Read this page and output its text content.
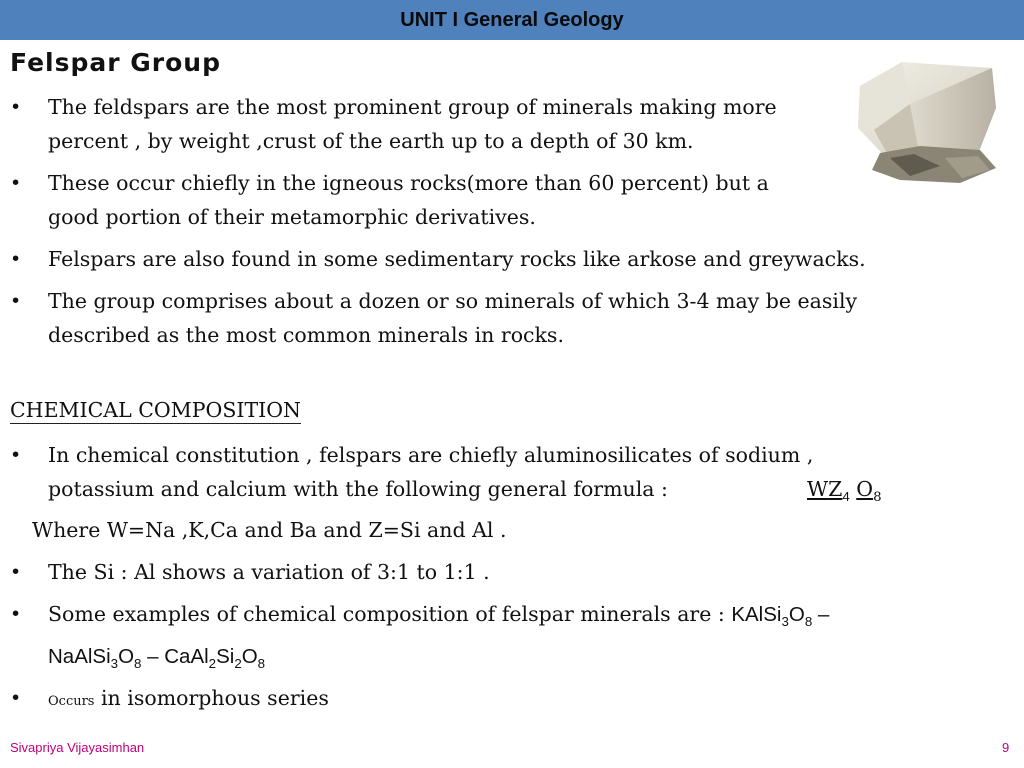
UNIT I General Geology
Felspar Group
• The feldspars are the most prominent group of minerals making more
percent , by weight ,crust of the earth up to a depth of 30 km.
• These occur chiefly in the igneous rocks(more than 60 percent) but a
good portion of their metamorphic derivatives.
• Felspars are also found in some sedimentary rocks like arkose and greywacks.
• The group comprises about a dozen or so minerals of which 3-4 may be easily
described as the most common minerals in rocks.
CHEMICAL COMPOSITION
• In chemical constitution , felspars are chiefly aluminosilicates of sodium ,
potassium and calcium with the following general formula :	$WZ_4$ $O_8$
Where W=Na ,K,Ca and Ba and Z=Si and Al .
• The Si : Al shows a variation of 3:1 to 1:1 .
• Some examples of chemical composition of felspar minerals are : $KAlSi_3O_8$ –
$NaAlSi_3O_8$ – $CaAl_2Si_2O_8$
• Occurs in isomorphous series
Sivapriya Vijayasimhan	9
